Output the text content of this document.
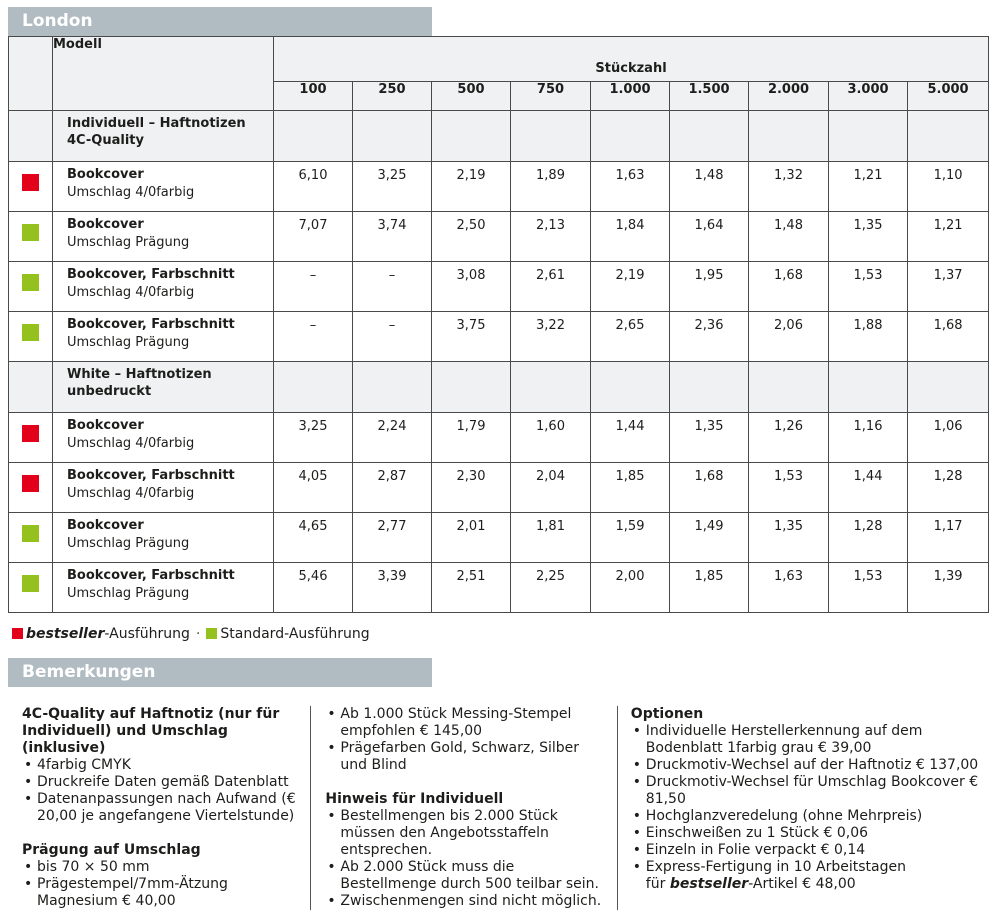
London
	Modell	Stückzahl								
		100	250	500	750	1.000	1.500	2.000	3.000	5.000

	Individuell – Haftnotizen
4C-Quality									

	Bookcover
Umschlag 4/0farbig	6,10	3,25	2,19	1,89	1,63	1,48	1,32	1,21	1,10

	Bookcover
Umschlag Prägung	7,07	3,74	2,50	2,13	1,84	1,64	1,48	1,35	1,21

	Bookcover, Farbschnitt
Umschlag 4/0farbig	–	–	3,08	2,61	2,19	1,95	1,68	1,53	1,37

	Bookcover, Farbschnitt
Umschlag Prägung	–	–	3,75	3,22	2,65	2,36	2,06	1,88	1,68

	White – Haftnotizen
unbedruckt									

	Bookcover
Umschlag 4/0farbig	3,25	2,24	1,79	1,60	1,44	1,35	1,26	1,16	1,06

	Bookcover, Farbschnitt
Umschlag 4/0farbig	4,05	2,87	2,30	2,04	1,85	1,68	1,53	1,44	1,28

	Bookcover
Umschlag Prägung	4,65	2,77	2,01	1,81	1,59	1,49	1,35	1,28	1,17

	Bookcover, Farbschnitt
Umschlag Prägung	5,46	3,39	2,51	2,25	2,00	1,85	1,63	1,53	1,39
bestseller-Ausführung · Standard-Ausführung
Bemerkungen
4C-Quality auf Haftnotiz (nur für Individuell) und Umschlag (inklusive)
• 4farbig CMYK
• Druckreife Daten gemäß Datenblatt
• Datenanpassungen nach Aufwand (€ 20,00 je angefangene Viertelstunde)
Prägung auf Umschlag
• bis 70 × 50 mm
• Prägestempel/7mm-Ätzung Magnesium € 40,00
• Ab 1.000 Stück Messing-Stempel empfohlen € 145,00
• Prägefarben Gold, Schwarz, Silber und Blind
Hinweis für Individuell
• Bestellmengen bis 2.000 Stück müssen den Angebotsstaffeln entsprechen.
• Ab 2.000 Stück muss die Bestellmenge durch 500 teilbar sein.
• Zwischenmengen sind nicht möglich.
Optionen
• Individuelle Herstellerkennung auf dem Bodenblatt 1farbig grau € 39,00
• Druckmotiv-Wechsel auf der Haftnotiz € 137,00
• Druckmotiv-Wechsel für Umschlag Bookcover € 81,50
• Hochglanzveredelung (ohne Mehrpreis)
• Einschweißen zu 1 Stück € 0,06
• Einzeln in Folie verpackt € 0,14
• Express-Fertigung in 10 Arbeitstagen
für bestseller-Artikel € 48,00
